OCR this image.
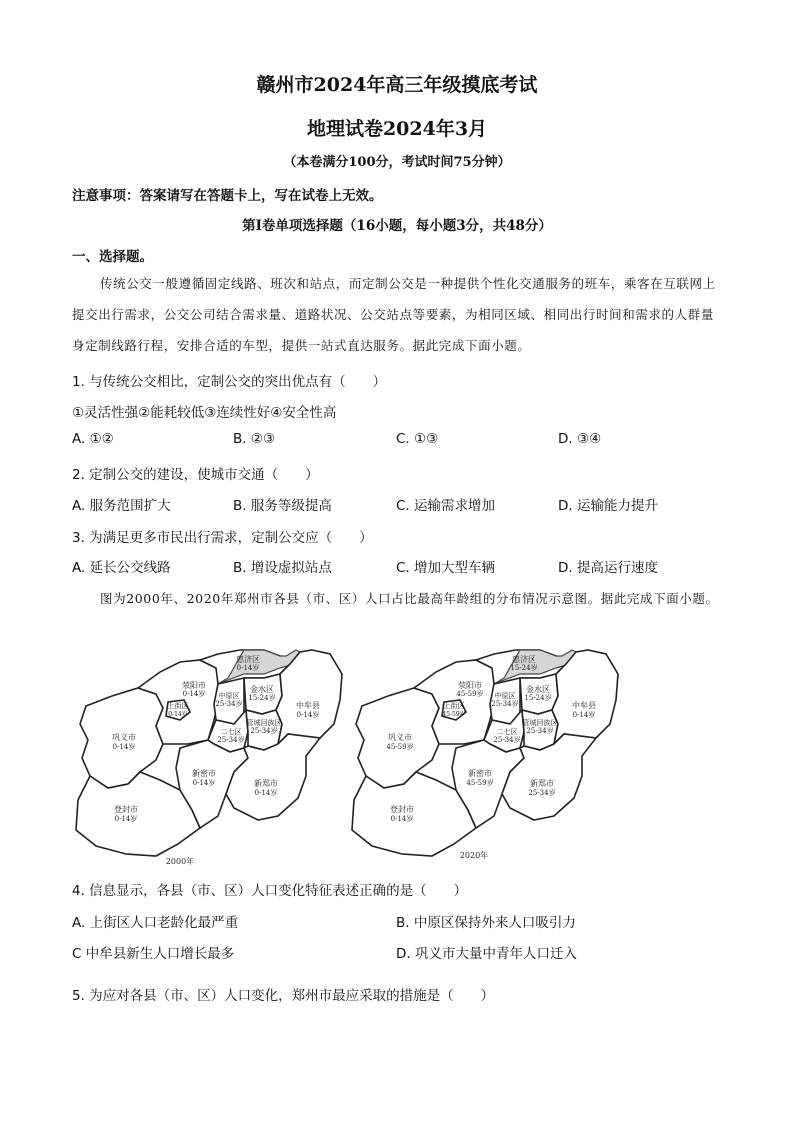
赣州市2024年高三年级摸底考试
地理试卷2024年3月
（本卷满分100分，考试时间75分钟）
注意事项：答案请写在答题卡上，写在试卷上无效。
第Ⅰ卷单项选择题（16小题，每小题3分，共48分）
一、选择题。
传统公交一般遵循固定线路、班次和站点，而定制公交是一种提供个性化交通服务的班车，乘客在互联网上提交出行需求，公交公司结合需求量、道路状况、公交站点等要素，为相同区域、相同出行时间和需求的人群量身定制线路行程，安排合适的车型，提供一站式直达服务。据此完成下面小题。
1. 与传统公交相比，定制公交的突出优点有（　　）
①灵活性强②能耗较低③连续性好④安全性高
A. ①②	B. ②③	C. ①③	D. ③④
2. 定制公交的建设，使城市交通（　　）
A. 服务范围扩大	B. 服务等级提高	C. 运输需求增加	D. 运输能力提升
3. 为满足更多市民出行需求，定制公交应（　　）
A. 延长公交线路	B. 增设虚拟站点	C. 增加大型车辆	D. 提高运行速度
图为2000年、2020年郑州市各县（市、区）人口占比最高年龄组的分布情况示意图。据此完成下面小题。
惠济区
0-14岁
荥阳市
0-14岁
上街区
0-14岁
中原区
25-34岁
金水区
15-24岁
管城回族区
25-34岁
二七区
25-34岁
中牟县
0-14岁
巩义市
0-14岁
新密市
0-14岁	新郑市
0-14岁
登封市
0-14岁
2000年
惠济区
15-24岁
荥阳市
45-59岁
上街区
45-59岁
中原区
25-34岁
金水区
15-24岁
管城回族区
25-34岁
二七区
25-34岁
中牟县
0-14岁
巩义市
45-59岁
新密市
45-59岁	新郑市
25-34岁
登封市
0-14岁
2020年
4. 信息显示，各县（市、区）人口变化特征表述正确的是（　　）
A. 上街区人口老龄化最严重	B. 中原区保持外来人口吸引力
C 中牟县新生人口增长最多	D. 巩义市大量中青年人口迁入
5. 为应对各县（市、区）人口变化，郑州市最应采取的措施是（　　）
